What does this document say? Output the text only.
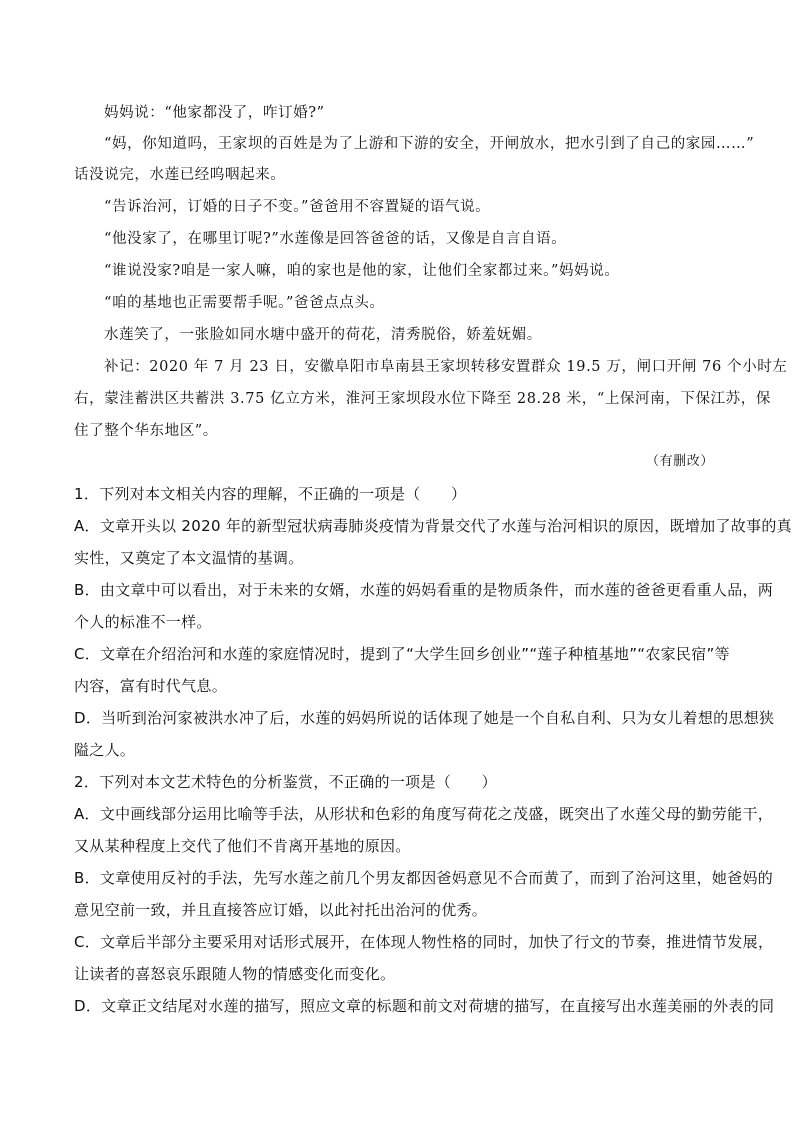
妈妈说：“他家都没了，咋订婚?”
“妈，你知道吗，王家坝的百姓是为了上游和下游的安全，开闸放水，把水引到了自己的家园……”
话没说完，水莲已经呜咽起来。
“告诉治河，订婚的日子不变。”爸爸用不容置疑的语气说。
“他没家了，在哪里订呢?”水莲像是回答爸爸的话，又像是自言自语。
“谁说没家?咱是一家人嘛，咱的家也是他的家，让他们全家都过来。”妈妈说。
“咱的基地也正需要帮手呢。”爸爸点点头。
水莲笑了，一张脸如同水塘中盛开的荷花，清秀脱俗，娇羞妩媚。
补记：2020 年 7 月 23 日，安徽阜阳市阜南县王家坝转移安置群众 19.5 万，闸口开闸 76 个小时左
右，蒙洼蓄洪区共蓄洪 3.75 亿立方米，淮河王家坝段水位下降至 28.28 米，“上保河南，下保江苏，保
住了整个华东地区”。
（有删改）
1．下列对本文相关内容的理解，不正确的一项是（　　）
A．文章开头以 2020 年的新型冠状病毒肺炎疫情为背景交代了水莲与治河相识的原因，既增加了故事的真
实性，又奠定了本文温情的基调。
B．由文章中可以看出，对于未来的女婿，水莲的妈妈看重的是物质条件，而水莲的爸爸更看重人品，两
个人的标准不一样。
C．文章在介绍治河和水莲的家庭情况时，提到了“大学生回乡创业”“莲子种植基地”“农家民宿”等
内容，富有时代气息。
D．当听到治河家被洪水冲了后，水莲的妈妈所说的话体现了她是一个自私自利、只为女儿着想的思想狭
隘之人。
2．下列对本文艺术特色的分析鉴赏，不正确的一项是（　　）
A．文中画线部分运用比喻等手法，从形状和色彩的角度写荷花之茂盛，既突出了水莲父母的勤劳能干，
又从某种程度上交代了他们不肯离开基地的原因。
B．文章使用反衬的手法，先写水莲之前几个男友都因爸妈意见不合而黄了，而到了治河这里，她爸妈的
意见空前一致，并且直接答应订婚，以此衬托出治河的优秀。
C．文章后半部分主要采用对话形式展开，在体现人物性格的同时，加快了行文的节奏，推进情节发展，
让读者的喜怒哀乐跟随人物的情感变化而变化。
D．文章正文结尾对水莲的描写，照应文章的标题和前文对荷塘的描写，在直接写出水莲美丽的外表的同
